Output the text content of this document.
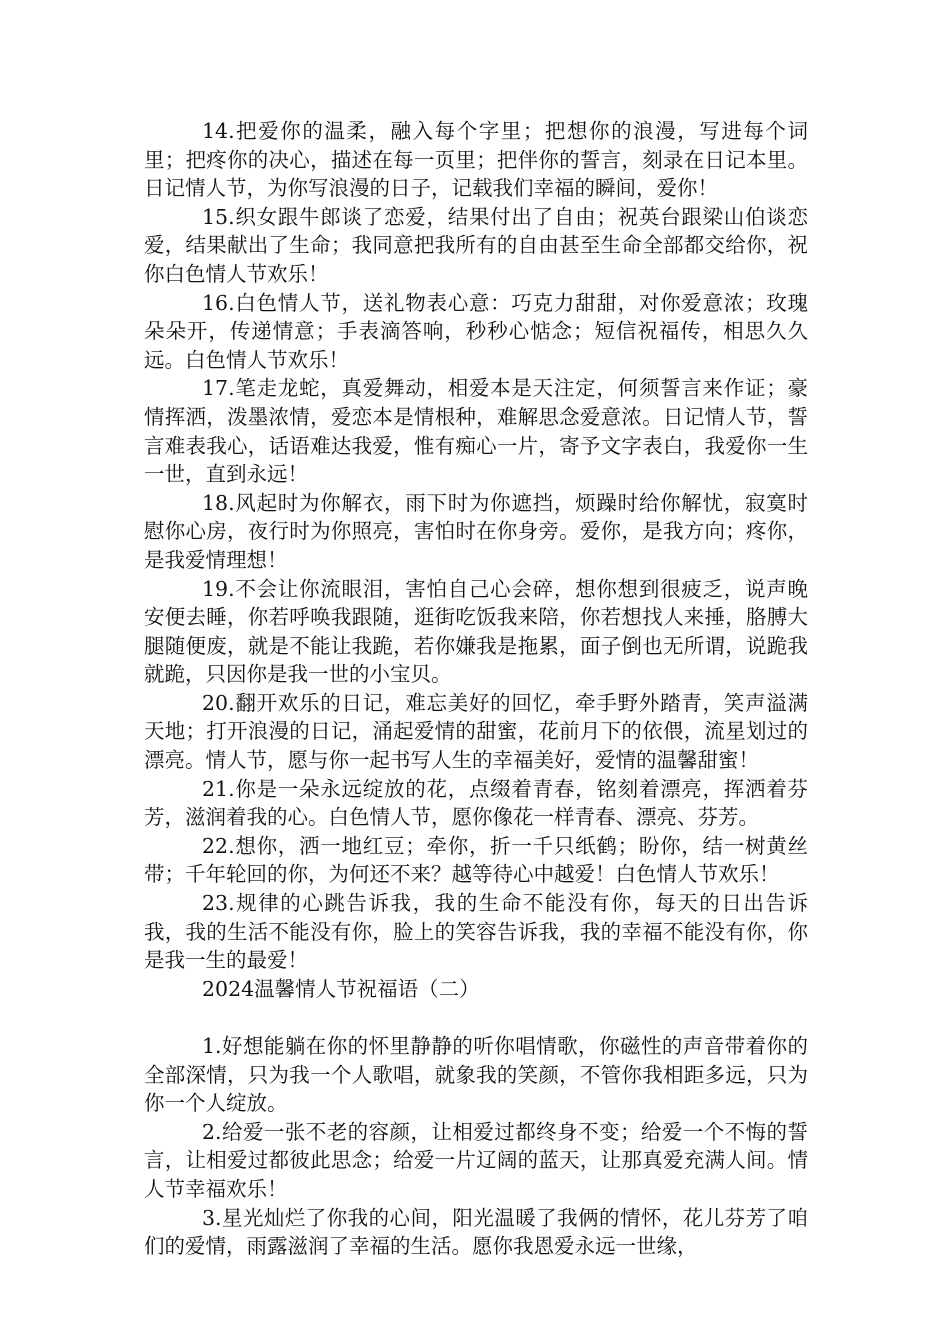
14.把爱你的温柔，融入每个字里；把想你的浪漫，写进每个词里；把疼你的决心，描述在每一页里；把伴你的誓言，刻录在日记本里。日记情人节，为你写浪漫的日子，记载我们幸福的瞬间，爱你！

15.织女跟牛郎谈了恋爱，结果付出了自由；祝英台跟梁山伯谈恋爱，结果献出了生命；我同意把我所有的自由甚至生命全部都交给你，祝你白色情人节欢乐！

16.白色情人节，送礼物表心意：巧克力甜甜，对你爱意浓；玫瑰朵朵开，传递情意；手表滴答响，秒秒心惦念；短信祝福传，相思久久远。白色情人节欢乐！

17.笔走龙蛇，真爱舞动，相爱本是天注定，何须誓言来作证；豪情挥洒，泼墨浓情，爱恋本是情根种，难解思念爱意浓。日记情人节，誓言难表我心，话语难达我爱，惟有痴心一片，寄予文字表白，我爱你一生一世，直到永远！

18.风起时为你解衣，雨下时为你遮挡，烦躁时给你解忧，寂寞时慰你心房，夜行时为你照亮，害怕时在你身旁。爱你，是我方向；疼你，是我爱情理想！

19.不会让你流眼泪，害怕自己心会碎，想你想到很疲乏，说声晚安便去睡，你若呼唤我跟随，逛街吃饭我来陪，你若想找人来捶，胳膊大腿随便废，就是不能让我跪，若你嫌我是拖累，面子倒也无所谓，说跪我就跪，只因你是我一世的小宝贝。

20.翻开欢乐的日记，难忘美好的回忆，牵手野外踏青，笑声溢满天地；打开浪漫的日记，涌起爱情的甜蜜，花前月下的依偎，流星划过的漂亮。情人节，愿与你一起书写人生的幸福美好，爱情的温馨甜蜜！

21.你是一朵永远绽放的花，点缀着青春，铭刻着漂亮，挥洒着芬芳，滋润着我的心。白色情人节，愿你像花一样青春、漂亮、芬芳。

22.想你，洒一地红豆；牵你，折一千只纸鹤；盼你，结一树黄丝带；千年轮回的你，为何还不来？越等待心中越爱！白色情人节欢乐！

23.规律的心跳告诉我，我的生命不能没有你，每天的日出告诉我，我的生活不能没有你，脸上的笑容告诉我，我的幸福不能没有你，你是我一生的最爱！

2024温馨情人节祝福语（二）

1.好想能躺在你的怀里静静的听你唱情歌，你磁性的声音带着你的全部深情，只为我一个人歌唱，就象我的笑颜，不管你我相距多远，只为你一个人绽放。

2.给爱一张不老的容颜，让相爱过都终身不变；给爱一个不悔的誓言，让相爱过都彼此思念；给爱一片辽阔的蓝天，让那真爱充满人间。情人节幸福欢乐！

3.星光灿烂了你我的心间，阳光温暖了我俩的情怀，花儿芬芳了咱们的爱情，雨露滋润了幸福的生活。愿你我恩爱永远一世缘，
